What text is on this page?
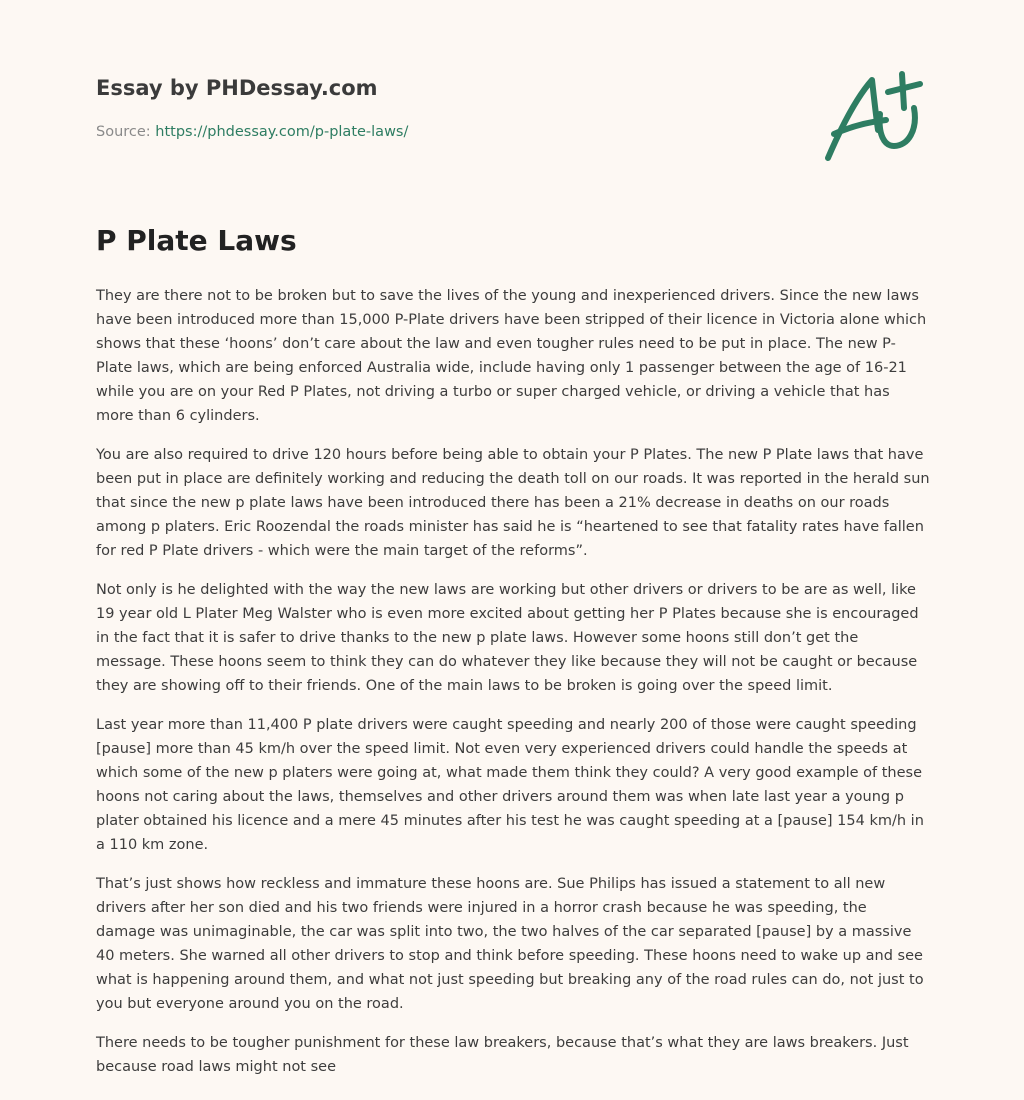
Essay by PHDessay.com
Source: https://phdessay.com/p-plate-laws/
P Plate Laws

They are there not to be broken but to save the lives of the young and inexperienced drivers. Since the new laws have been introduced more than 15,000 P-Plate drivers have been stripped of their licence in Victoria alone which shows that these ‘hoons’ don’t care about the law and even tougher rules need to be put in place. The new P-Plate laws, which are being enforced Australia wide, include having only 1 passenger between the age of 16-21 while you are on your Red P Plates, not driving a turbo or super charged vehicle, or driving a vehicle that has more than 6 cylinders.

You are also required to drive 120 hours before being able to obtain your P Plates. The new P Plate laws that have been put in place are definitely working and reducing the death toll on our roads. It was reported in the herald sun that since the new p plate laws have been introduced there has been a 21% decrease in deaths on our roads among p platers. Eric Roozendal the roads minister has said he is “heartened to see that fatality rates have fallen for red P Plate drivers - which were the main target of the reforms”.

Not only is he delighted with the way the new laws are working but other drivers or drivers to be are as well, like 19 year old L Plater Meg Walster who is even more excited about getting her P Plates because she is encouraged in the fact that it is safer to drive thanks to the new p plate laws. However some hoons still don’t get the message. These hoons seem to think they can do whatever they like because they will not be caught or because they are showing off to their friends. One of the main laws to be broken is going over the speed limit.

Last year more than 11,400 P plate drivers were caught speeding and nearly 200 of those were caught speeding [pause] more than 45 km/h over the speed limit. Not even very experienced drivers could handle the speeds at which some of the new p platers were going at, what made them think they could? A very good example of these hoons not caring about the laws, themselves and other drivers around them was when late last year a young p plater obtained his licence and a mere 45 minutes after his test he was caught speeding at a [pause] 154 km/h in a 110 km zone.

That’s just shows how reckless and immature these hoons are. Sue Philips has issued a statement to all new drivers after her son died and his two friends were injured in a horror crash because he was speeding, the damage was unimaginable, the car was split into two, the two halves of the car separated [pause] by a massive 40 meters. She warned all other drivers to stop and think before speeding. These hoons need to wake up and see what is happening around them, and what not just speeding but breaking any of the road rules can do, not just to you but everyone around you on the road.

There needs to be tougher punishment for these law breakers, because that’s what they are laws breakers. Just because road laws might not see
